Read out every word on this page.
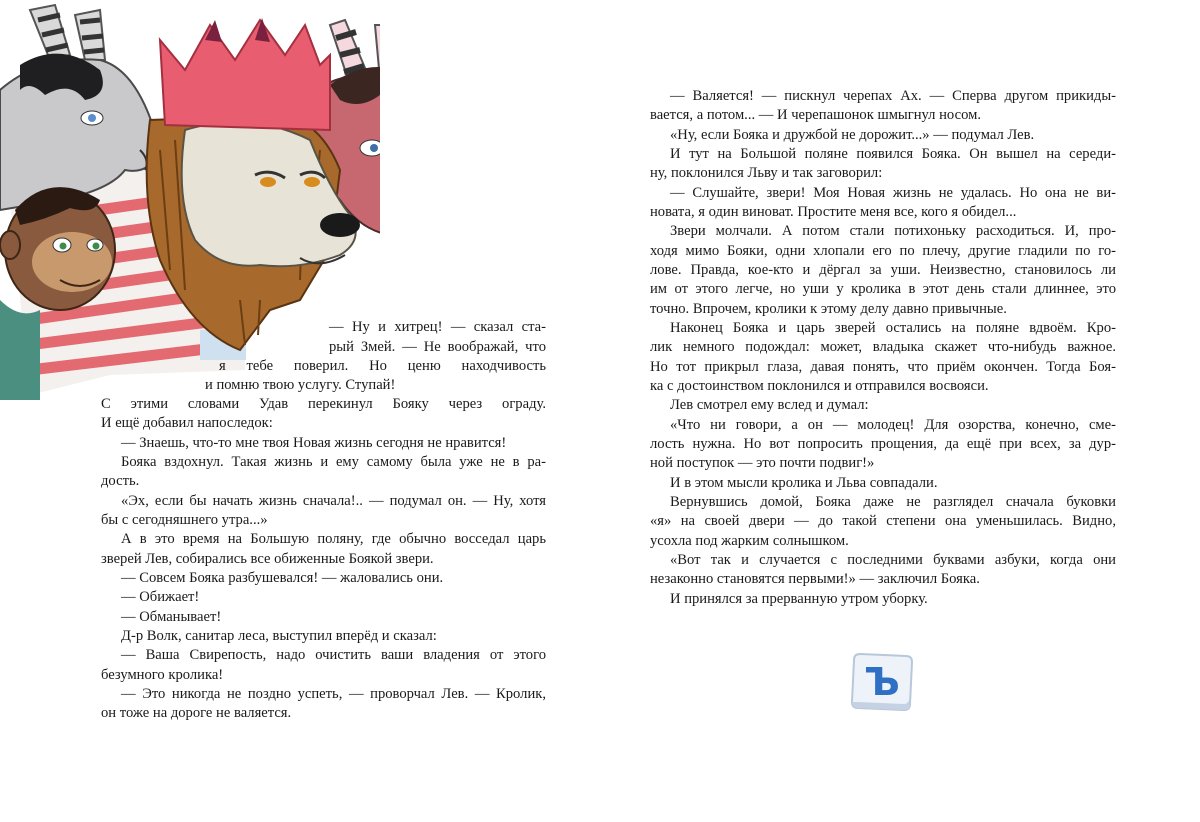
— Ну и хитрец! — сказал ста-
рый Змей. — Не воображай, что
я тебе поверил. Но ценю находчивость
и помню твою услугу. Ступай!
С этими словами Удав перекинул Бояку через ограду.
И ещё добавил напоследок:
— Знаешь, что-то мне твоя Новая жизнь сегодня не нравится!
Бояка вздохнул. Такая жизнь и ему самому была уже не в ра-
дость.
«Эх, если бы начать жизнь сначала!.. — подумал он. — Ну, хотя
бы с сегодняшнего утра...»
А в это время на Большую поляну, где обычно восседал царь
зверей Лев, собирались все обиженные Боякой звери.
— Совсем Бояка разбушевался! — жаловались они.
— Обижает!
— Обманывает!
Д-р Волк, санитар леса, выступил вперёд и сказал:
— Ваша Свирепость, надо очистить ваши владения от этого
безумного кролика!
— Это никогда не поздно успеть, — проворчал Лев. — Кролик,
он тоже на дороге не валяется.
— Валяется! — пискнул черепах Ах. — Сперва другом прикиды-
вается, а потом... — И черепашонок шмыгнул носом.
«Ну, если Бояка и дружбой не дорожит...» — подумал Лев.
И тут на Большой поляне появился Бояка. Он вышел на середи-
ну, поклонился Льву и так заговорил:
— Слушайте, звери! Моя Новая жизнь не удалась. Но она не ви-
новата, я один виноват. Простите меня все, кого я обидел...
Звери молчали. А потом стали потихоньку расходиться. И, про-
ходя мимо Бояки, одни хлопали его по плечу, другие гладили по го-
лове. Правда, кое-кто и дёргал за уши. Неизвестно, становилось ли
им от этого легче, но уши у кролика в этот день стали длиннее, это
точно. Впрочем, кролики к этому делу давно привычные.
Наконец Бояка и царь зверей остались на поляне вдвоём. Кро-
лик немного подождал: может, владыка скажет что-нибудь важное.
Но тот прикрыл глаза, давая понять, что приём окончен. Тогда Боя-
ка с достоинством поклонился и отправился восвояси.
Лев смотрел ему вслед и думал:
«Что ни говори, а он — молодец! Для озорства, конечно, сме-
лость нужна. Но вот попросить прощения, да ещё при всех, за дур-
ной поступок — это почти подвиг!»
И в этом мысли кролика и Льва совпадали.
Вернувшись домой, Бояка даже не разглядел сначала буковки
«я» на своей двери — до такой степени она уменьшилась. Видно,
усохла под жарким солнышком.
«Вот так и случается с последними буквами азбуки, когда они
незаконно становятся первыми!» — заключил Бояка.
И принялся за прерванную утром уборку.
Ъ
